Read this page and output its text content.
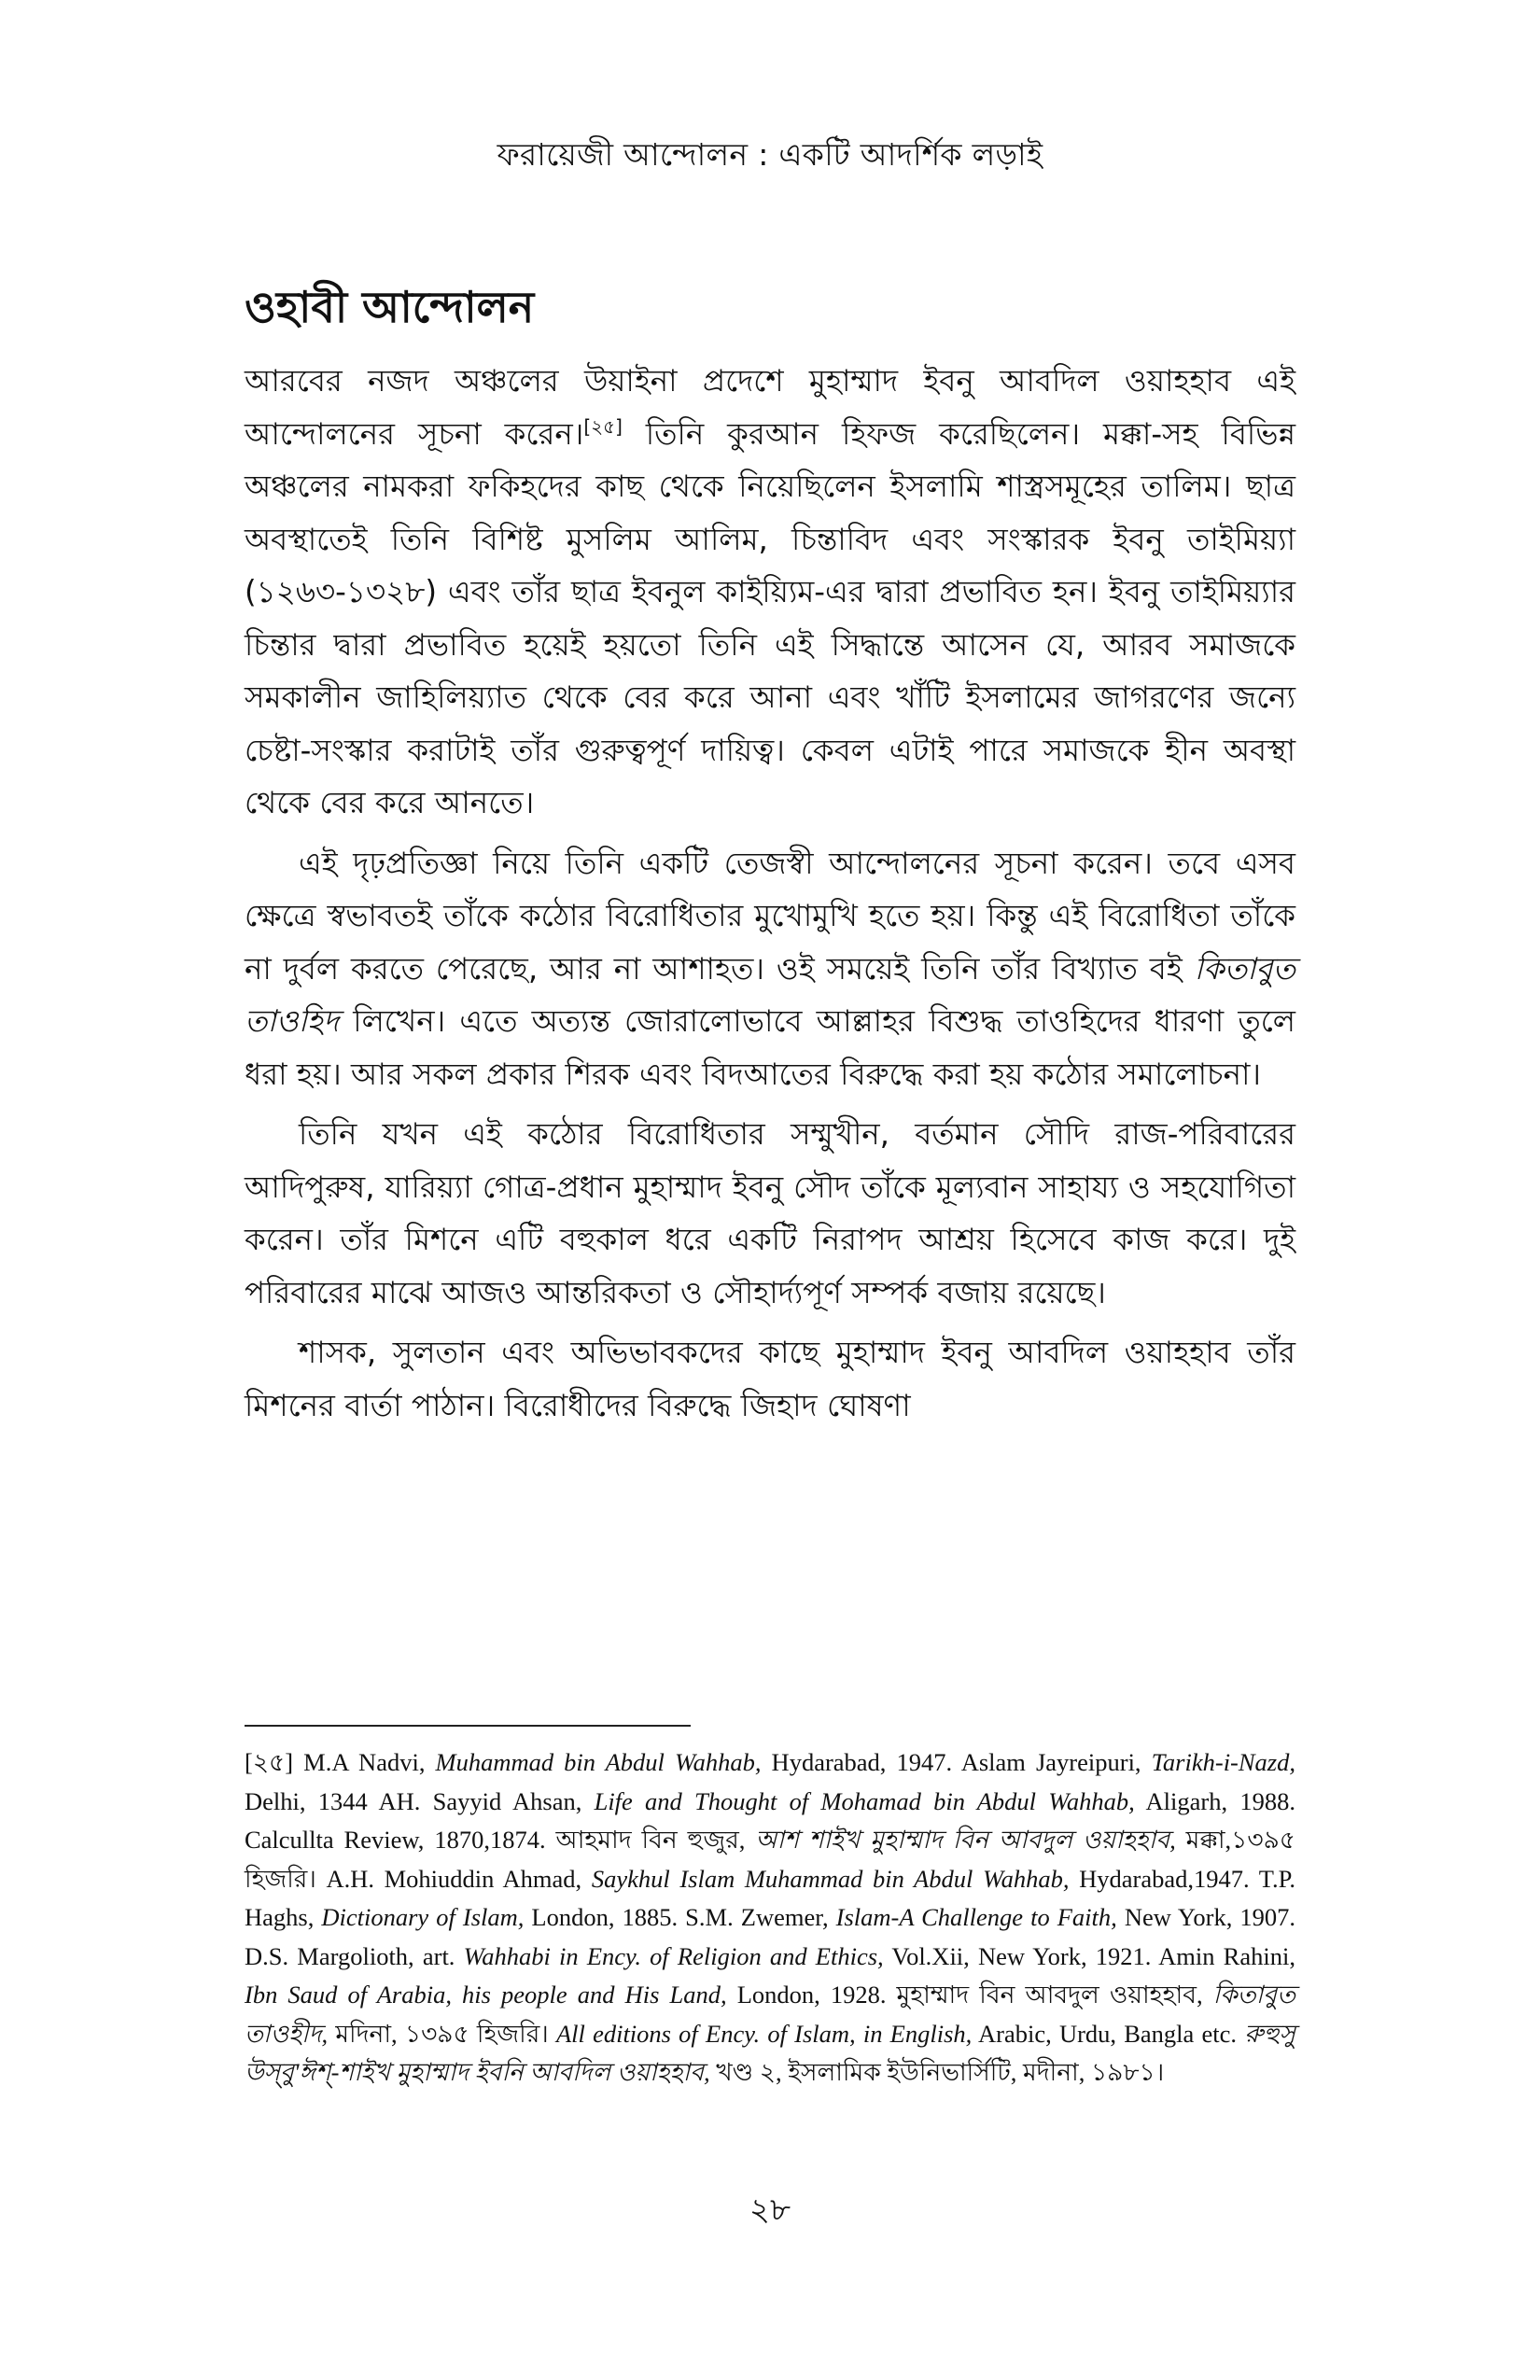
ফরায়েজী আন্দোলন : একটি আদর্শিক লড়াই
ওহাবী আন্দোলন

আরবের নজদ অঞ্চলের উয়াইনা প্রদেশে মুহাম্মাদ ইবনু আবদিল ওয়াহহাব এই আন্দোলনের সূচনা করেন।[২৫] তিনি কুরআন হিফজ করেছিলেন। মক্কা-সহ বিভিন্ন অঞ্চলের নামকরা ফকিহদের কাছ থেকে নিয়েছিলেন ইসলামি শাস্ত্রসমূহের তালিম। ছাত্র অবস্থাতেই তিনি বিশিষ্ট মুসলিম আলিম, চিন্তাবিদ এবং সংস্কারক ইবনু তাইমিয়্যা (১২৬৩-১৩২৮) এবং তাঁর ছাত্র ইবনুল কাইয়্যিম-এর দ্বারা প্রভাবিত হন। ইবনু তাইমিয়্যার চিন্তার দ্বারা প্রভাবিত হয়েই হয়তো তিনি এই সিদ্ধান্তে আসেন যে, আরব সমাজকে সমকালীন জাহিলিয়্যাত থেকে বের করে আনা এবং খাঁটি ইসলামের জাগরণের জন্যে চেষ্টা-সংস্কার করাটাই তাঁর গুরুত্বপূর্ণ দায়িত্ব। কেবল এটাই পারে সমাজকে হীন অবস্থা থেকে বের করে আনতে।

এই দৃঢ়প্রতিজ্ঞা নিয়ে তিনি একটি তেজস্বী আন্দোলনের সূচনা করেন। তবে এসব ক্ষেত্রে স্বভাবতই তাঁকে কঠোর বিরোধিতার মুখোমুখি হতে হয়। কিন্তু এই বিরোধিতা তাঁকে না দুর্বল করতে পেরেছে, আর না আশাহত। ওই সময়েই তিনি তাঁর বিখ্যাত বই কিতাবুত তাওহিদ লিখেন। এতে অত্যন্ত জোরালোভাবে আল্লাহর বিশুদ্ধ তাওহিদের ধারণা তুলে ধরা হয়। আর সকল প্রকার শিরক এবং বিদআতের বিরুদ্ধে করা হয় কঠোর সমালোচনা।

তিনি যখন এই কঠোর বিরোধিতার সম্মুখীন, বর্তমান সৌদি রাজ-পরিবারের আদিপুরুষ, যারিয়্যা গোত্র-প্রধান মুহাম্মাদ ইবনু সৌদ তাঁকে মূল্যবান সাহায্য ও সহযোগিতা করেন। তাঁর মিশনে এটি বহুকাল ধরে একটি নিরাপদ আশ্রয় হিসেবে কাজ করে। দুই পরিবারের মাঝে আজও আন্তরিকতা ও সৌহার্দ্যপূর্ণ সম্পর্ক বজায় রয়েছে।

শাসক, সুলতান এবং অভিভাবকদের কাছে মুহাম্মাদ ইবনু আবদিল ওয়াহহাব তাঁর মিশনের বার্তা পাঠান। বিরোধীদের বিরুদ্ধে জিহাদ ঘোষণা

[২৫] M.A Nadvi, Muhammad bin Abdul Wahhab, Hydarabad, 1947. Aslam Jayreipuri, Tarikh-i-Nazd, Delhi, 1344 AH. Sayyid Ahsan, Life and Thought of Mohamad bin Abdul Wahhab, Aligarh, 1988. Calcullta Review, 1870,1874. আহমাদ বিন হুজুর, আশ শাইখ মুহাম্মাদ বিন আবদুল ওয়াহহাব, মক্কা,১৩৯৫ হিজরি। A.H. Mohiuddin Ahmad, Saykhul Islam Muhammad bin Abdul Wahhab, Hydarabad,1947. T.P. Haghs, Dictionary of Islam, London, 1885. S.M. Zwemer, Islam-A Challenge to Faith, New York, 1907. D.S. Margolioth, art. Wahhabi in Ency. of Religion and Ethics, Vol.Xii, New York, 1921. Amin Rahini, Ibn Saud of Arabia, his people and His Land, London, 1928. মুহাম্মাদ বিন আবদুল ওয়াহহাব, কিতাবুত তাওহীদ, মদিনা, ১৩৯৫ হিজরি। All editions of Ency. of Islam, in English, Arabic, Urdu, Bangla etc. রুহুসু উস্‌বু'ঈশ্‌-শাইখ মুহাম্মাদ ইবনি আবদিল ওয়াহহাব, খণ্ড ২, ইসলামিক ইউনিভার্সিটি, মদীনা, ১৯৮১।
২৮
